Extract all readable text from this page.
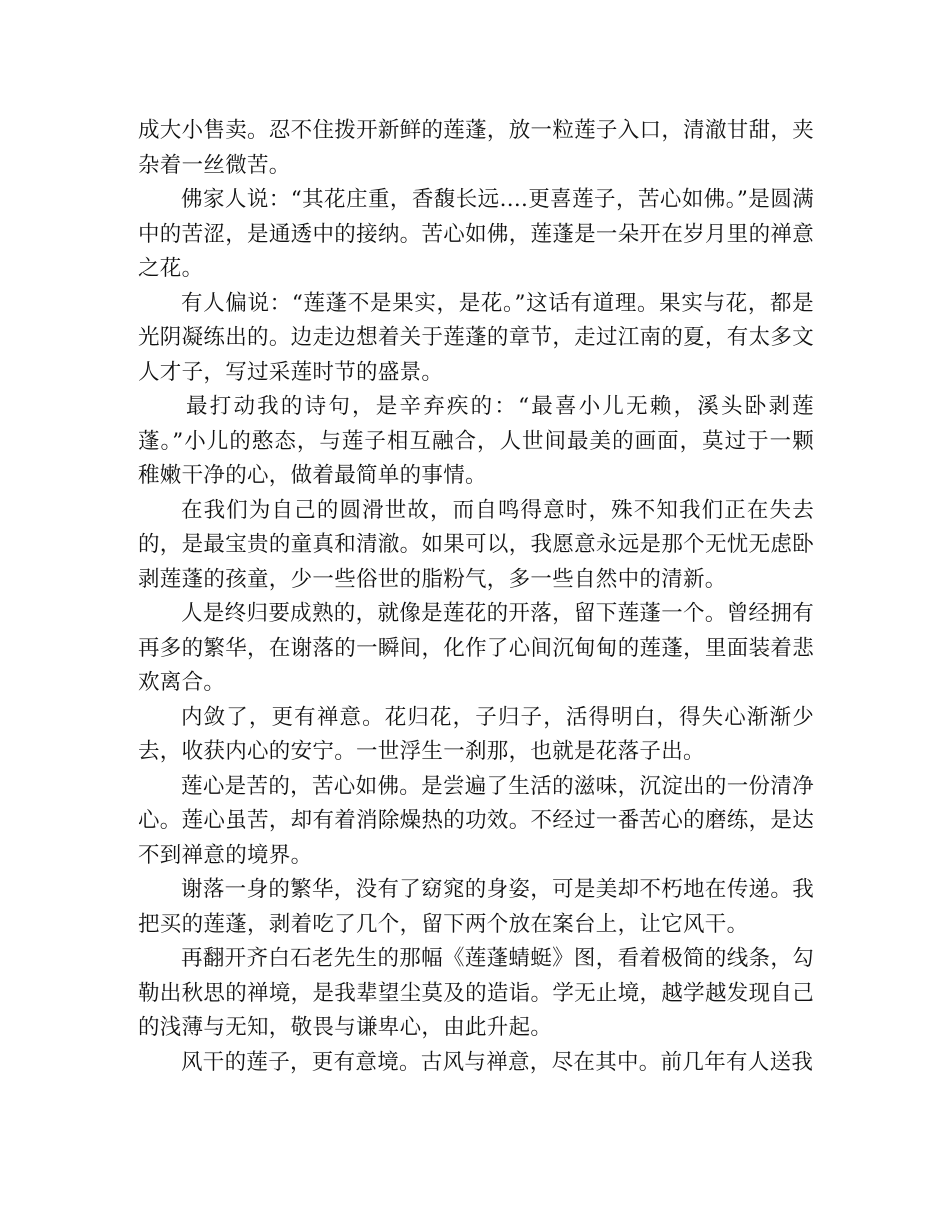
成大小售卖。忍不住拨开新鲜的莲蓬，放一粒莲子入口，清澈甘甜，夹杂着一丝微苦。

佛家人说：“其花庄重，香馥长远....更喜莲子，苦心如佛。”是圆满中的苦涩，是通透中的接纳。苦心如佛，莲蓬是一朵开在岁月里的禅意之花。

有人偏说：“莲蓬不是果实，是花。”这话有道理。果实与花，都是光阴凝练出的。边走边想着关于莲蓬的章节，走过江南的夏，有太多文人才子，写过采莲时节的盛景。

最打动我的诗句，是辛弃疾的：“最喜小儿无赖，溪头卧剥莲蓬。”小儿的憨态，与莲子相互融合，人世间最美的画面，莫过于一颗稚嫩干净的心，做着最简单的事情。

在我们为自己的圆滑世故，而自鸣得意时，殊不知我们正在失去的，是最宝贵的童真和清澈。如果可以，我愿意永远是那个无忧无虑卧剥莲蓬的孩童，少一些俗世的脂粉气，多一些自然中的清新。

人是终归要成熟的，就像是莲花的开落，留下莲蓬一个。曾经拥有再多的繁华，在谢落的一瞬间，化作了心间沉甸甸的莲蓬，里面装着悲欢离合。

内敛了，更有禅意。花归花，子归子，活得明白，得失心渐渐少去，收获内心的安宁。一世浮生一刹那，也就是花落子出。

莲心是苦的，苦心如佛。是尝遍了生活的滋味，沉淀出的一份清净心。莲心虽苦，却有着消除燥热的功效。不经过一番苦心的磨练，是达不到禅意的境界。

谢落一身的繁华，没有了窈窕的身姿，可是美却不朽地在传递。我把买的莲蓬，剥着吃了几个，留下两个放在案台上，让它风干。

再翻开齐白石老先生的那幅《莲蓬蜻蜓》图，看着极简的线条，勾勒出秋思的禅境，是我辈望尘莫及的造诣。学无止境，越学越发现自己的浅薄与无知，敬畏与谦卑心，由此升起。

风干的莲子，更有意境。古风与禅意，尽在其中。前几年有人送我
